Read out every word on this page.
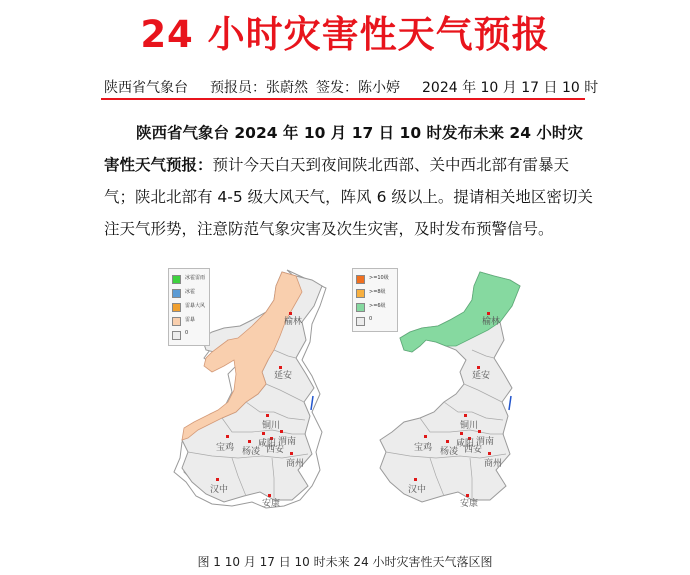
24 小时灾害性天气预报
陕西省气象台 预报员：张蔚然 签发：陈小婷 2024 年 10 月 17 日 10 时
陕西省气象台 2024 年 10 月 17 日 10 时发布未来 24 小时灾害性天气预报：预计今天白天到夜间陕北西部、关中西北部有雷暴天气；陕北北部有 4-5 级大风天气，阵风 6 级以上。提请相关地区密切关注天气形势，注意防范气象灾害及次生灾害，及时发布预警信号。
榆林
延安
铜川
宝鸡 杨凌
咸阳
西安
渭南
商州
汉中
安康
冰雹雷雨
冰雹
雷暴大风
雷暴
0
榆林
延安
铜川
宝鸡 杨凌
咸阳
西安
渭南
商州
汉中
安康
>=10级
>=8级
>=6级
0
图 1 10 月 17 日 10 时未来 24 小时灾害性天气落区图
